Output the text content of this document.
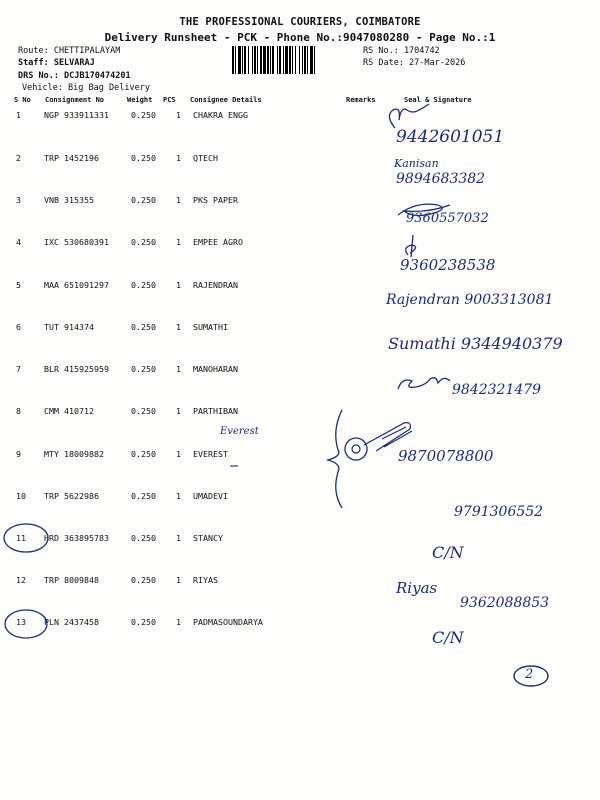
THE PROFESSIONAL COURIERS, COIMBATORE
Delivery Runsheet - PCK - Phone No.:9047080280 - Page No.:1
Route: CHETTIPALAYAM
Staff: SELVARAJ
DRS No.: DCJB170474201
Vehicle: Big Bag Delivery
RS No.: 1704742
RS Date: 27-Mar-2026
S No Consignment No	Weight PCS Consignee Details	Remarks	Seal & Signature
1	NGP 933911331	0.250 1 CHAKRA ENGG
2	TRP 1452196	0.250 1 QTECH
3	VNB 315355	0.250 1 PKS PAPER
4	IXC 530680391	0.250 1 EMPEE AGRO
5	MAA 651091297	0.250 1 RAJENDRAN
6	TUT 914374	0.250 1 SUMATHI
7	BLR 415925959	0.250 1 MANOHARAN
8	CMM 410712	0.250 1 PARTHIBAN
9	MTY 18009882	0.250 1 EVEREST
10 TRP 5622986	0.250 1 UMADEVI
11 HRD 363895783	0.250 1 STANCY
12 TRP 8009848	0.250 1 RIYAS
13 PLN 2437458	0.250 1 PADMASOUNDARYA
9442601051
Kanisan
9894683382
9360557032
9360238538
Rajendran 9003313081
Sumathi 9344940379
9842321479
Everest
9870078800
9791306552
C/N
Riyas
9362088853
C/N
2
